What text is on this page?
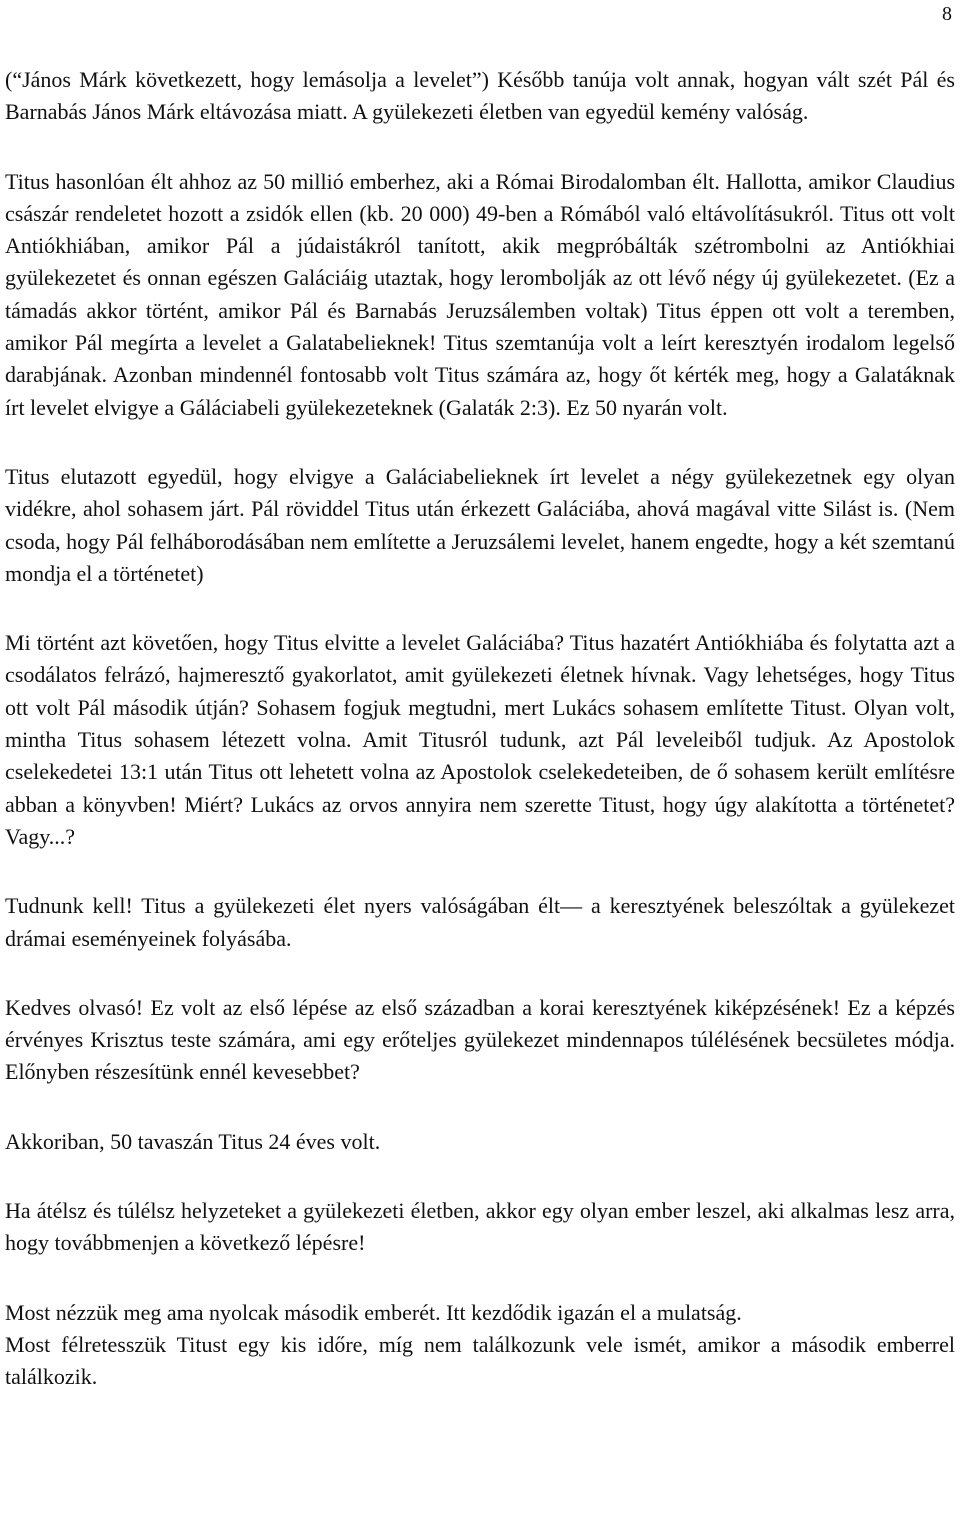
8

(“János Márk következett, hogy lemásolja a levelet”) Később tanúja volt annak, hogyan vált szét Pál és Barnabás János Márk eltávozása miatt. A gyülekezeti életben van egyedül kemény valóság.

Titus hasonlóan élt ahhoz az 50 millió emberhez, aki a Római Birodalomban élt. Hallotta, amikor Claudius császár rendeletet hozott a zsidók ellen (kb. 20 000) 49-ben a Rómából való eltávolításukról. Titus ott volt Antiókhiában, amikor Pál a júdaistákról tanított, akik megpróbálták szétrombolni az Antiókhiai gyülekezetet és onnan egészen Galáciáig utaztak, hogy lerombolják az ott lévő négy új gyülekezetet. (Ez a támadás akkor történt, amikor Pál és Barnabás Jeruzsálemben voltak) Titus éppen ott volt a teremben, amikor Pál megírta a levelet a Galatabelieknek! Titus szemtanúja volt a leírt keresztyén irodalom legelső darabjának. Azonban mindennél fontosabb volt Titus számára az, hogy őt kérték meg, hogy a Galatáknak írt levelet elvigye a Gáláciabeli gyülekezeteknek (Galaták 2:3). Ez 50 nyarán volt.

Titus elutazott egyedül, hogy elvigye a Galáciabelieknek írt levelet a négy gyülekezetnek egy olyan vidékre, ahol sohasem járt. Pál röviddel Titus után érkezett Galáciába, ahová magával vitte Silást is. (Nem csoda, hogy Pál felháborodásában nem említette a Jeruzsálemi levelet, hanem engedte, hogy a két szemtanú mondja el a történetet)

Mi történt azt követően, hogy Titus elvitte a levelet Galáciába? Titus hazatért Antiókhiába és folytatta azt a csodálatos felrázó, hajmeresztő gyakorlatot, amit gyülekezeti életnek hívnak. Vagy lehetséges, hogy Titus ott volt Pál második útján? Sohasem fogjuk megtudni, mert Lukács sohasem említette Titust. Olyan volt, mintha Titus sohasem létezett volna. Amit Titusról tudunk, azt Pál leveleiből tudjuk. Az Apostolok cselekedetei 13:1 után Titus ott lehetett volna az Apostolok cselekedeteiben, de ő sohasem került említésre abban a könyvben! Miért? Lukács az orvos annyira nem szerette Titust, hogy úgy alakította a történetet? Vagy...?

Tudnunk kell! Titus a gyülekezeti élet nyers valóságában élt— a keresztyének beleszóltak a gyülekezet drámai eseményeinek folyásába.

Kedves olvasó! Ez volt az első lépése az első században a korai keresztyének kiképzésének! Ez a képzés érvényes Krisztus teste számára, ami egy erőteljes gyülekezet mindennapos túlélésének becsületes módja. Előnyben részesítünk ennél kevesebbet?

Akkoriban, 50 tavaszán Titus 24 éves volt.

Ha átélsz és túlélsz helyzeteket a gyülekezeti életben, akkor egy olyan ember leszel, aki alkalmas lesz arra, hogy továbbmenjen a következő lépésre!

Most nézzük meg ama nyolcak második emberét. Itt kezdődik igazán el a mulatság.

Most félretesszük Titust egy kis időre, míg nem találkozunk vele ismét, amikor a második emberrel találkozik.
